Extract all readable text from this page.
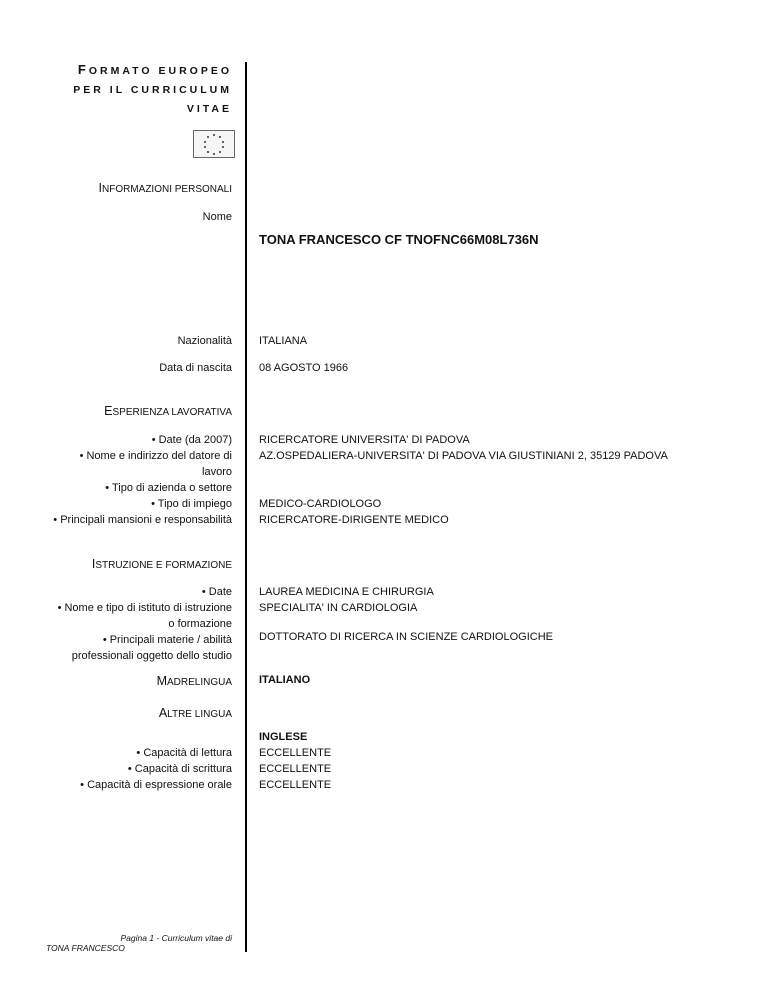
FORMATO EUROPEO
PER IL CURRICULUM
VITAE
INFORMAZIONI PERSONALI
Nome
TONA FRANCESCO CF TNOFNC66M08L736N
Nazionalità ITALIANA
Data di nascita 08 AGOSTO 1966
ESPERIENZA LAVORATIVA
• Date (da 2007)
• Nome e indirizzo del datore di
lavoro
• Tipo di azienda o settore
• Tipo di impiego
• Principali mansioni e responsabilità
RICERCATORE UNIVERSITA' DI PADOVA
AZ.OSPEDALIERA-UNIVERSITA' DI PADOVA VIA GIUSTINIANI 2, 35129 PADOVA
MEDICO-CARDIOLOGO
RICERCATORE-DIRIGENTE MEDICO
ISTRUZIONE E FORMAZIONE
• Date
• Nome e tipo di istituto di istruzione
o formazione
• Principali materie / abilità
professionali oggetto dello studio
LAUREA MEDICINA E CHIRURGIA
SPECIALITA' IN CARDIOLOGIA
DOTTORATO DI RICERCA IN SCIENZE CARDIOLOGICHE
MADRELINGUA ITALIANO
ALTRE LINGUA
INGLESE
• Capacità di lettura ECCELLENTE
• Capacità di scrittura ECCELLENTE
• Capacità di espressione orale ECCELLENTE
Pagina 1 - Curriculum vitae di
TONA FRANCESCO
